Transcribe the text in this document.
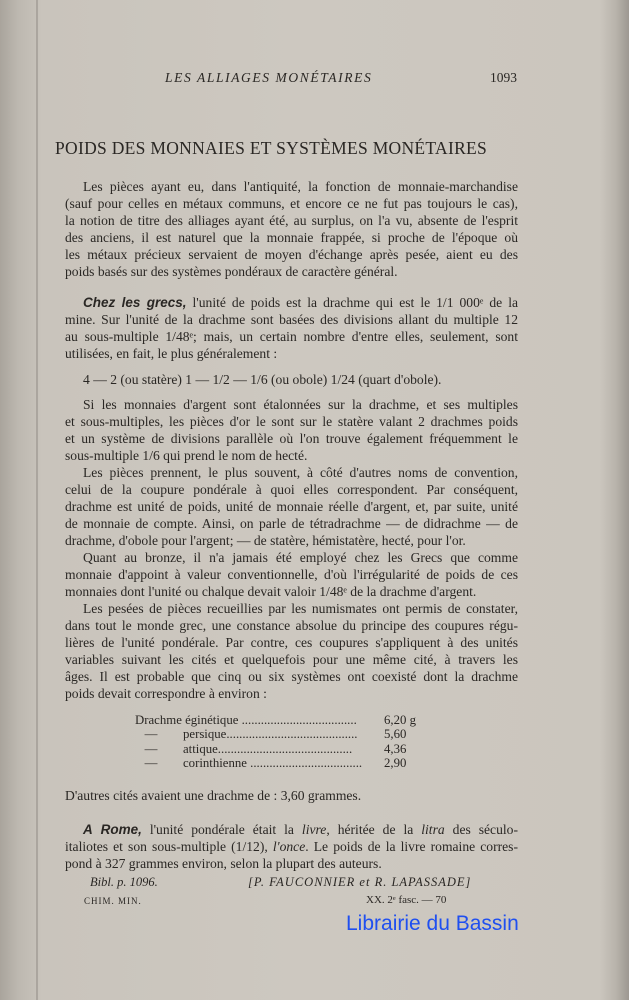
LES ALLIAGES MONÉTAIRES	1093
POIDS DES MONNAIES ET SYSTÈMES MONÉTAIRES
Les pièces ayant eu, dans l'antiquité, la fonction de monnaie-marchandise
(sauf pour celles en métaux communs, et encore ce ne fut pas toujours le cas),
la notion de titre des alliages ayant été, au surplus, on l'a vu, absente de l'esprit
des anciens, il est naturel que la monnaie frappée, si proche de l'époque où
les métaux précieux servaient de moyen d'échange après pesée, aient eu des
poids basés sur des systèmes pondéraux de caractère général.
Chez les grecs, l'unité de poids est la drachme qui est le 1/1 000ᵉ de la
mine. Sur l'unité de la drachme sont basées des divisions allant du multiple 12
au sous-multiple 1/48ᵉ; mais, un certain nombre d'entre elles, seulement, sont
utilisées, en fait, le plus généralement :
4 — 2 (ou statère) 1 — 1/2 — 1/6 (ou obole) 1/24 (quart d'obole).
Si les monnaies d'argent sont étalonnées sur la drachme, et ses multiples
et sous-multiples, les pièces d'or le sont sur le statère valant 2 drachmes poids
et un système de divisions parallèle où l'on trouve également fréquemment le
sous-multiple 1/6 qui prend le nom de hecté.
Les pièces prennent, le plus souvent, à côté d'autres noms de convention,
celui de la coupure pondérale à quoi elles correspondent. Par conséquent,
drachme est unité de poids, unité de monnaie réelle d'argent, et, par suite, unité
de monnaie de compte. Ainsi, on parle de tétradrachme — de didrachme — de
drachme, d'obole pour l'argent; — de statère, hémistatère, hecté, pour l'or.
Quant au bronze, il n'a jamais été employé chez les Grecs que comme
monnaie d'appoint à valeur conventionnelle, d'où l'irrégularité de poids de ces
monnaies dont l'unité ou chalque devait valoir 1/48ᵉ de la drachme d'argent.
Les pesées de pièces recueillies par les numismates ont permis de constater,
dans tout le monde grec, une constance absolue du principe des coupures régu-
lières de l'unité pondérale. Par contre, ces coupures s'appliquent à des unités
variables suivant les cités et quelquefois pour une même cité, à travers les
âges. Il est probable que cinq ou six systèmes ont coexisté dont la drachme
poids devait correspondre à environ :
D'autres cités avaient une drachme de : 3,60 grammes.
A Rome, l'unité pondérale était la livre, héritée de la litra des século-
italiotes et son sous-multiple (1/12), l'once. Le poids de la livre romaine corres-
pond à 327 grammes environ, selon la plupart des auteurs.
Drachme éginétique ....................................	6,20 g
—        persique.........................................	5,60
—        attique..........................................	4,36
—        corinthienne ...................................	2,90
Bibl. p. 1096.	[P. FAUCONNIER et R. LAPASSADE]
CHIM. MIN.	XX. 2ᵉ fasc. — 70
Librairie du Bassin
